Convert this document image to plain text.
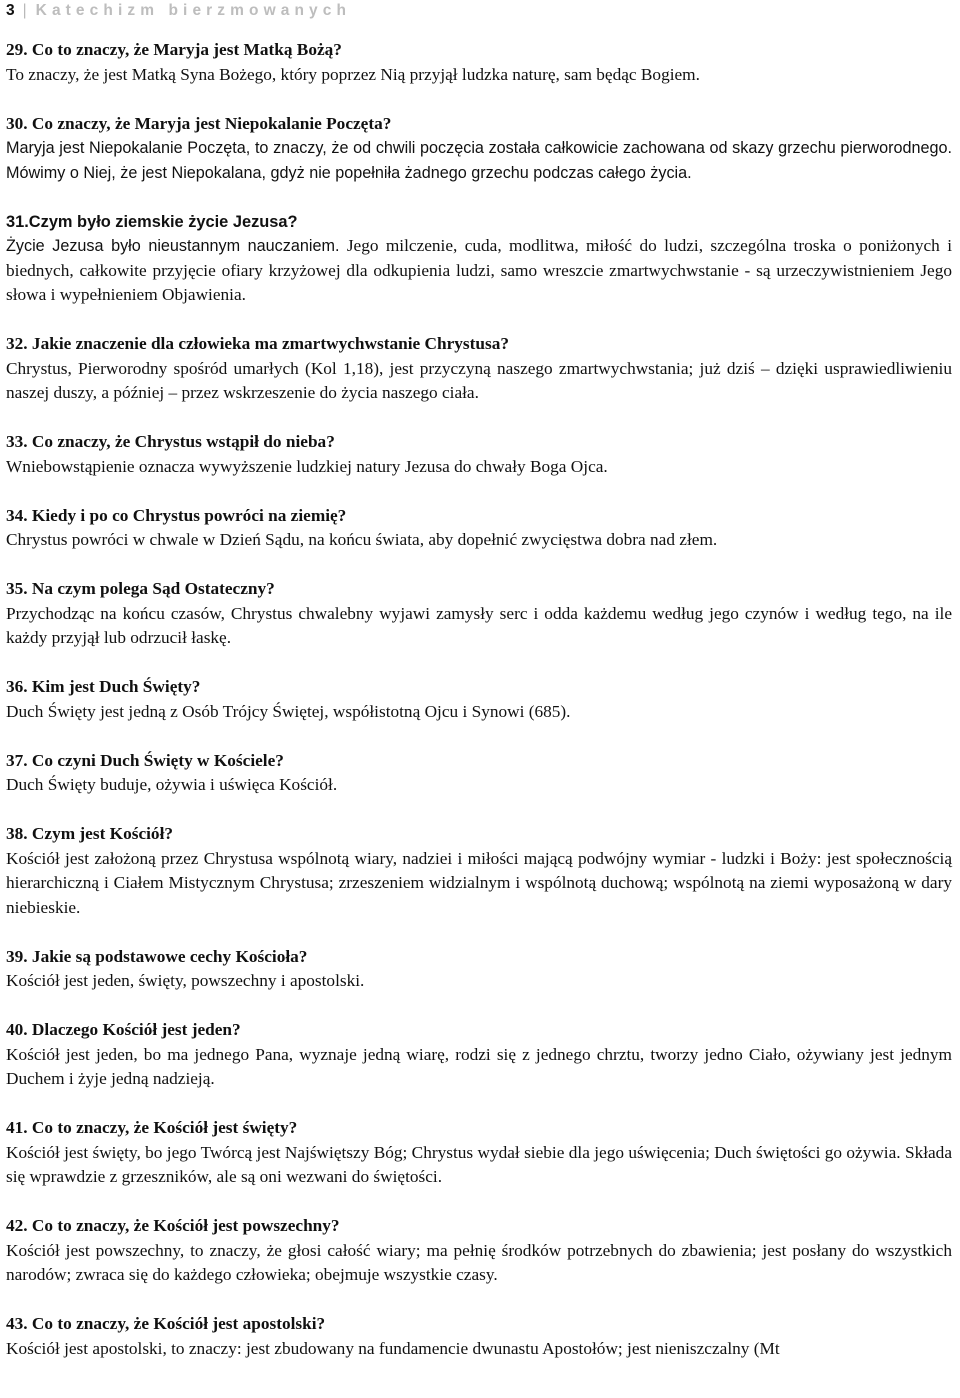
3 | Katechizm bierzmowanych

29. Co to znaczy, że Maryja jest Matką Bożą?

To znaczy, że jest Matką Syna Bożego, który poprzez Nią przyjął ludzka naturę, sam będąc Bogiem.

30. Co znaczy, że Maryja jest Niepokalanie Poczęta?

Maryja jest Niepokalanie Poczęta, to znaczy, że od chwili poczęcia została całkowicie zachowana od skazy grzechu pierworodnego. Mówimy o Niej, że jest Niepokalana, gdyż nie popełniła żadnego grzechu podczas całego życia.

31.Czym było ziemskie życie Jezusa?

Życie Jezusa było nieustannym nauczaniem. Jego milczenie, cuda, modlitwa, miłość do ludzi, szczególna troska o poniżonych i biednych, całkowite przyjęcie ofiary krzyżowej dla odkupienia ludzi, samo wreszcie zmartwychwstanie - są urzeczywistnieniem Jego słowa i wypełnieniem Objawienia.

32. Jakie znaczenie dla człowieka ma zmartwychwstanie Chrystusa?

Chrystus, Pierworodny spośród umarłych (Kol 1,18), jest przyczyną naszego zmartwychwstania; już dziś – dzięki usprawiedliwieniu naszej duszy, a później – przez wskrzeszenie do życia naszego ciała.

33. Co znaczy, że Chrystus wstąpił do nieba?

Wniebowstąpienie oznacza wywyższenie ludzkiej natury Jezusa do chwały Boga Ojca.

34. Kiedy i po co Chrystus powróci na ziemię?

Chrystus powróci w chwale w Dzień Sądu, na końcu świata, aby dopełnić zwycięstwa dobra nad złem.

35. Na czym polega Sąd Ostateczny?

Przychodząc na końcu czasów, Chrystus chwalebny wyjawi zamysły serc i odda każdemu według jego czynów i według tego, na ile każdy przyjął lub odrzucił łaskę.

36. Kim jest Duch Święty?

Duch Święty jest jedną z Osób Trójcy Świętej, współistotną Ojcu i Synowi (685).

37. Co czyni Duch Święty w Kościele?

Duch Święty buduje, ożywia i uświęca Kościół.

38. Czym jest Kościół?

Kościół jest założoną przez Chrystusa wspólnotą wiary, nadziei i miłości mającą podwójny wymiar - ludzki i Boży: jest społecznością hierarchiczną i Ciałem Mistycznym Chrystusa; zrzeszeniem widzialnym i wspólnotą duchową; wspólnotą na ziemi wyposażoną w dary niebieskie.

39. Jakie są podstawowe cechy Kościoła?

Kościół jest jeden, święty, powszechny i apostolski.

40. Dlaczego Kościół jest jeden?

Kościół jest jeden, bo ma jednego Pana, wyznaje jedną wiarę, rodzi się z jednego chrztu, tworzy jedno Ciało, ożywiany jest jednym Duchem i żyje jedną nadzieją.

41. Co to znaczy, że Kościół jest święty?

Kościół jest święty, bo jego Twórcą jest Najświętszy Bóg; Chrystus wydał siebie dla jego uświęcenia; Duch świętości go ożywia. Składa się wprawdzie z grzeszników, ale są oni wezwani do świętości.

42. Co to znaczy, że Kościół jest powszechny?

Kościół jest powszechny, to znaczy, że głosi całość wiary; ma pełnię środków potrzebnych do zbawienia; jest posłany do wszystkich narodów; zwraca się do każdego człowieka; obejmuje wszystkie czasy.

43. Co to znaczy, że Kościół jest apostolski?

Kościół jest apostolski, to znaczy: jest zbudowany na fundamencie dwunastu Apostołów; jest nieniszczalny (Mt
